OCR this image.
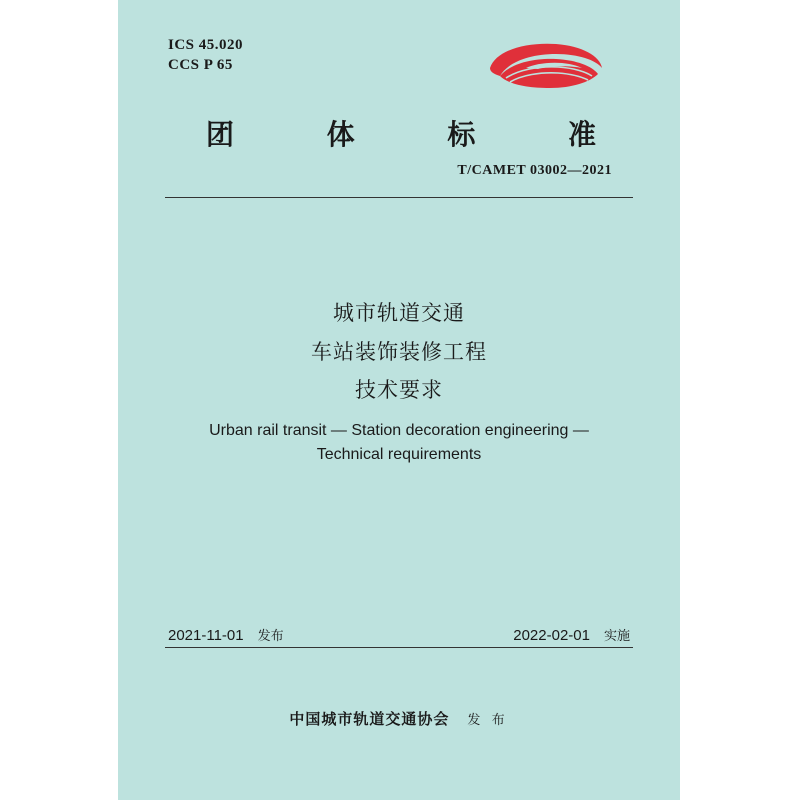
ICS 45.020
CCS P 65
团	体	标	准
T/CAMET 03002—2021
城市轨道交通
车站装饰装修工程
技术要求
Urban rail transit — Station decoration engineering —
Technical requirements
2021-11-01 发布	2022-02-01 实施
中国城市轨道交通协会 发 布
